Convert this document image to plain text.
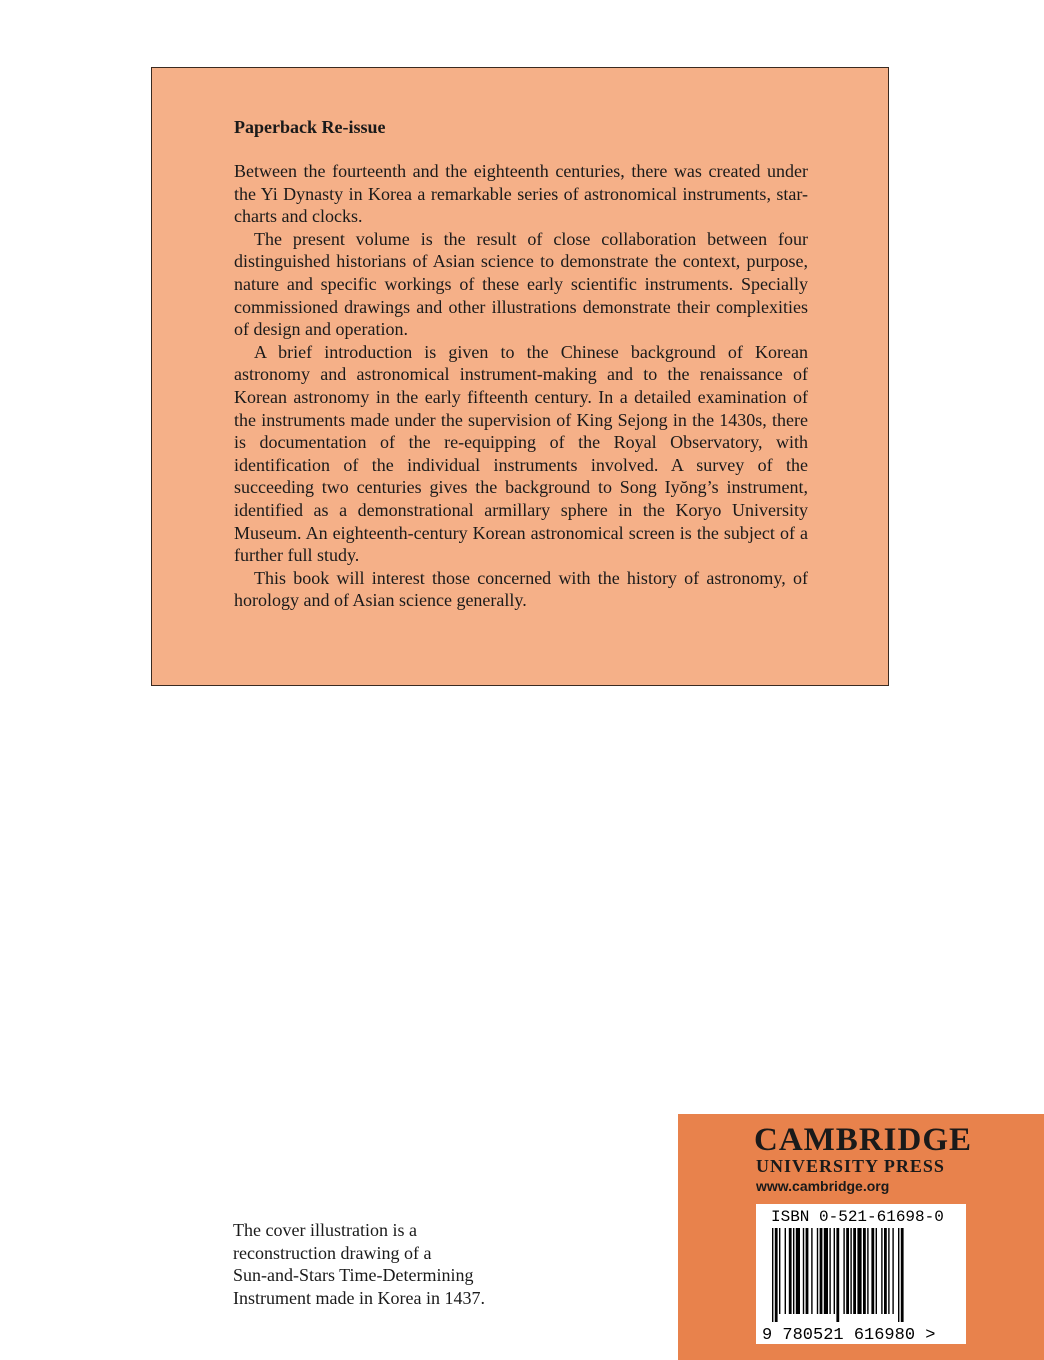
Paperback Re-issue

Between the fourteenth and the eighteenth centuries, there was created under the Yi Dynasty in Korea a remarkable series of astronomical instruments, star-charts and clocks.

The present volume is the result of close collaboration between four distinguished historians of Asian science to demonstrate the context, purpose, nature and specific workings of these early scientific instruments. Specially commissioned drawings and other illustrations demonstrate their complexities of design and operation.

A brief introduction is given to the Chinese background of Korean astronomy and astronomical instrument-making and to the renaissance of Korean astronomy in the early fifteenth century. In a detailed examination of the instruments made under the supervision of King Sejong in the 1430s, there is documentation of the re-equipping of the Royal Observatory, with identification of the individual instruments involved. A survey of the succeeding two centuries gives the background to Song Iyŏng’s instrument, identified as a demonstrational armillary sphere in the Koryo University Museum. An eighteenth-century Korean astronomical screen is the subject of a further full study.

This book will interest those concerned with the history of astronomy, of horology and of Asian science generally.

The cover illustration is a
reconstruction drawing of a
Sun-and-Stars Time-Determining
Instrument made in Korea in 1437.
CAMBRIDGE
UNIVERSITY PRESS
www.cambridge.org
ISBN 0-521-61698-0
9 780521 616980 >
